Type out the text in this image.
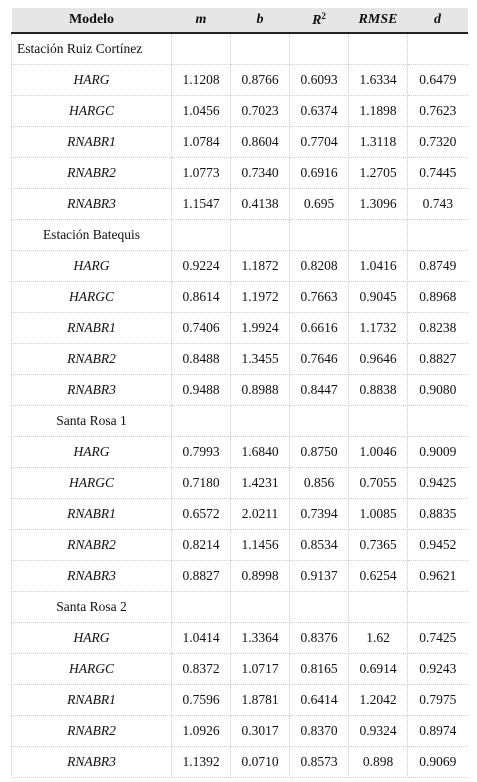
Modelo	m	b	$R^2$	RMSE	d
Estación Ruiz Cortínez					
HARG	1.1208	0.8766	0.6093	1.6334	0.6479
HARGC	1.0456	0.7023	0.6374	1.1898	0.7623
RNABR1	1.0784	0.8604	0.7704	1.3118	0.7320
RNABR2	1.0773	0.7340	0.6916	1.2705	0.7445
RNABR3	1.1547	0.4138	0.695	1.3096	0.743
Estación Batequis					
HARG	0.9224	1.1872	0.8208	1.0416	0.8749
HARGC	0.8614	1.1972	0.7663	0.9045	0.8968
RNABR1	0.7406	1.9924	0.6616	1.1732	0.8238
RNABR2	0.8488	1.3455	0.7646	0.9646	0.8827
RNABR3	0.9488	0.8988	0.8447	0.8838	0.9080
Santa Rosa 1					
HARG	0.7993	1.6840	0.8750	1.0046	0.9009
HARGC	0.7180	1.4231	0.856	0.7055	0.9425
RNABR1	0.6572	2.0211	0.7394	1.0085	0.8835
RNABR2	0.8214	1.1456	0.8534	0.7365	0.9452
RNABR3	0.8827	0.8998	0.9137	0.6254	0.9621
Santa Rosa 2					
HARG	1.0414	1.3364	0.8376	1.62	0.7425
HARGC	0.8372	1.0717	0.8165	0.6914	0.9243
RNABR1	0.7596	1.8781	0.6414	1.2042	0.7975
RNABR2	1.0926	0.3017	0.8370	0.9324	0.8974
RNABR3	1.1392	0.0710	0.8573	0.898	0.9069
